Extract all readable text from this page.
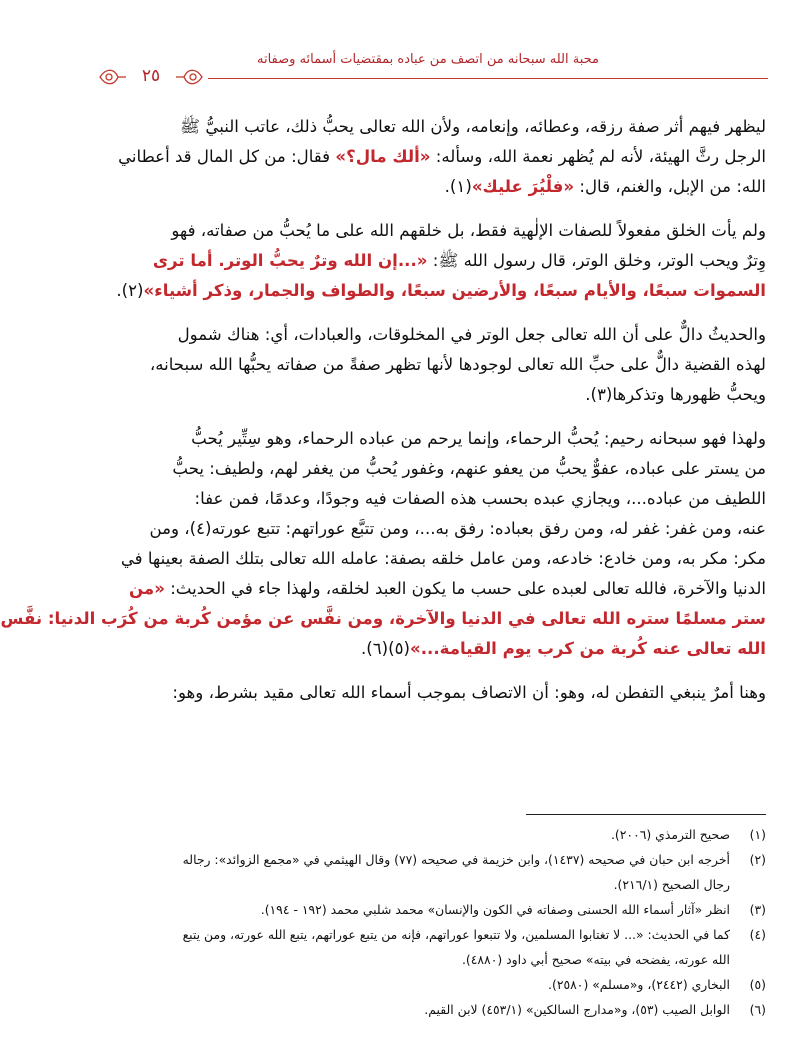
محبة الله سبحانه من اتصف من عباده بمقتضيات أسمائه وصفاته
٢٥
ليظهر فيهم أثر صفة رزقه، وعطائه، وإنعامه، ولأن الله تعالى يحبُّ ذلك، عاتب النبيُّ ﷺ
الرجل رثَّ الهيئة، لأنه لم يُظهر نعمة الله، وسأله: «ألك مال؟» فقال: من كل المال قد أعطاني
الله: من الإبل، والغنم، قال: «فلْيُرَ عليك»(١).
ولم يأت الخلق مفعولاً للصفات الإلٰهية فقط، بل خلقهم الله على ما يُحبُّ من صفاته، فهو
وِترٌ ويحب الوتر، وخلق الوتر، قال رسول الله ﷺ: «...إن الله وترٌ يحبُّ الوتر. أما ترى
السموات سبعًا، والأيام سبعًا، والأرضين سبعًا، والطواف والجمار، وذكر أشياء»(٢).
والحديثُ دالٌّ على أن الله تعالى جعل الوتر في المخلوقات، والعبادات، أي: هناك شمول
لهذه القضية دالٌّ على حبِّ الله تعالى لوجودها لأنها تظهر صفةً من صفاته يحبُّها الله سبحانه،
ويحبُّ ظهورها وتذكرها(٣).
ولهذا فهو سبحانه رحيم: يُحبُّ الرحماء، وإنما يرحم من عباده الرحماء، وهو سِتِّير يُحبُّ
من يستر على عباده، عفوٌّ يحبُّ من يعفو عنهم، وغفور يُحبُّ من يغفر لهم، ولطيف: يحبُّ
اللطيف من عباده...، ويجازي عبده بحسب هذه الصفات فيه وجودًا، وعدمًا، فمن عفا:
عنه، ومن غفر: غفر له، ومن رفق بعباده: رفق به...، ومن تتبَّع عوراتهم: تتبع عورته(٤)، ومن
مكر: مكر به، ومن خادع: خادعه، ومن عامل خلقه بصفة: عامله الله تعالى بتلك الصفة بعينها في
الدنيا والآخرة، فالله تعالى لعبده على حسب ما يكون العبد لخلقه، ولهذا جاء في الحديث: «من
ستر مسلمًا ستره الله تعالى في الدنيا والآخرة، ومن نفَّس عن مؤمن كُربة من كُرَب الدنيا: نفَّس
الله تعالى عنه كُربة من كرب يوم القيامة...»(٥)(٦).
وهنا أمرٌ ينبغي التفطن له، وهو: أن الاتصاف بموجب أسماء الله تعالى مقيد بشرط، وهو:
(١)
صحيح الترمذي (٢٠٠٦).
(٢)
أخرجه ابن حبان في صحيحه (١٤٣٧)، وابن خزيمة في صحيحه (٧٧) وقال الهيثمي في «مجمع الزوائد»: رجاله
رجال الصحيح (٢١٦/١).
(٣)
انظر «آثار أسماء الله الحسنى وصفاته في الكون والإنسان» محمد شلبي محمد (١٩٢ - ١٩٤).
(٤)
كما في الحديث: «... لا تغتابوا المسلمين، ولا تتبعوا عوراتهم، فإنه من يتبع عوراتهم، يتبع الله عورته، ومن يتبع
الله عورته، يفضحه في بيته» صحيح أبي داود (٤٨٨٠).
(٥)
البخاري (٢٤٤٢)، و«مسلم» (٢٥٨٠).
(٦)
الوابل الصيب (٥٣)، و«مدارج السالكين» (٤٥٣/١) لابن القيم.
